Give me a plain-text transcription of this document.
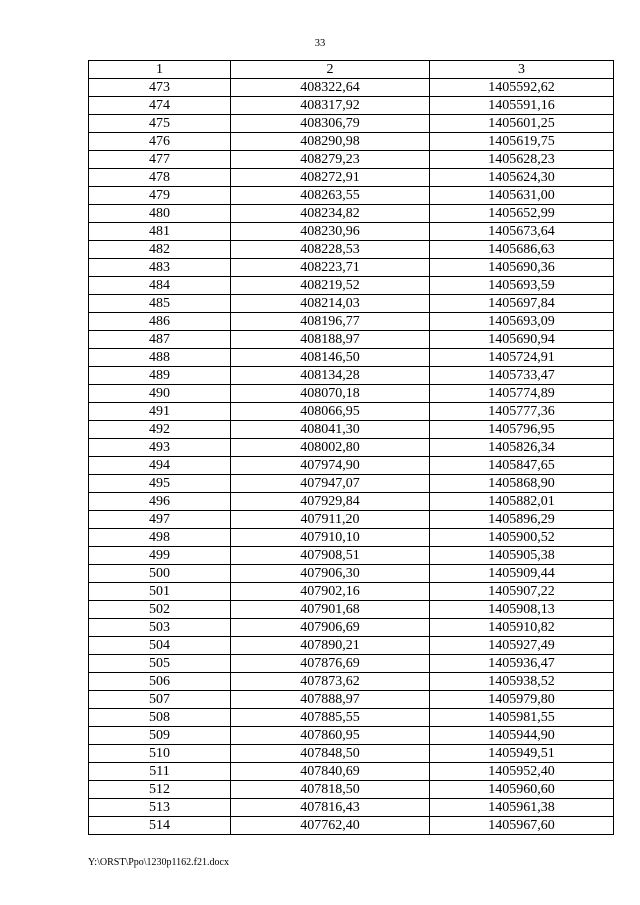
33
1	2	3
473	408322,64	1405592,62
474	408317,92	1405591,16
475	408306,79	1405601,25
476	408290,98	1405619,75
477	408279,23	1405628,23
478	408272,91	1405624,30
479	408263,55	1405631,00
480	408234,82	1405652,99
481	408230,96	1405673,64
482	408228,53	1405686,63
483	408223,71	1405690,36
484	408219,52	1405693,59
485	408214,03	1405697,84
486	408196,77	1405693,09
487	408188,97	1405690,94
488	408146,50	1405724,91
489	408134,28	1405733,47
490	408070,18	1405774,89
491	408066,95	1405777,36
492	408041,30	1405796,95
493	408002,80	1405826,34
494	407974,90	1405847,65
495	407947,07	1405868,90
496	407929,84	1405882,01
497	407911,20	1405896,29
498	407910,10	1405900,52
499	407908,51	1405905,38
500	407906,30	1405909,44
501	407902,16	1405907,22
502	407901,68	1405908,13
503	407906,69	1405910,82
504	407890,21	1405927,49
505	407876,69	1405936,47
506	407873,62	1405938,52
507	407888,97	1405979,80
508	407885,55	1405981,55
509	407860,95	1405944,90
510	407848,50	1405949,51
511	407840,69	1405952,40
512	407818,50	1405960,60
513	407816,43	1405961,38
514	407762,40	1405967,60
Y:\ORST\Ppo\1230p1162.f21.docx
